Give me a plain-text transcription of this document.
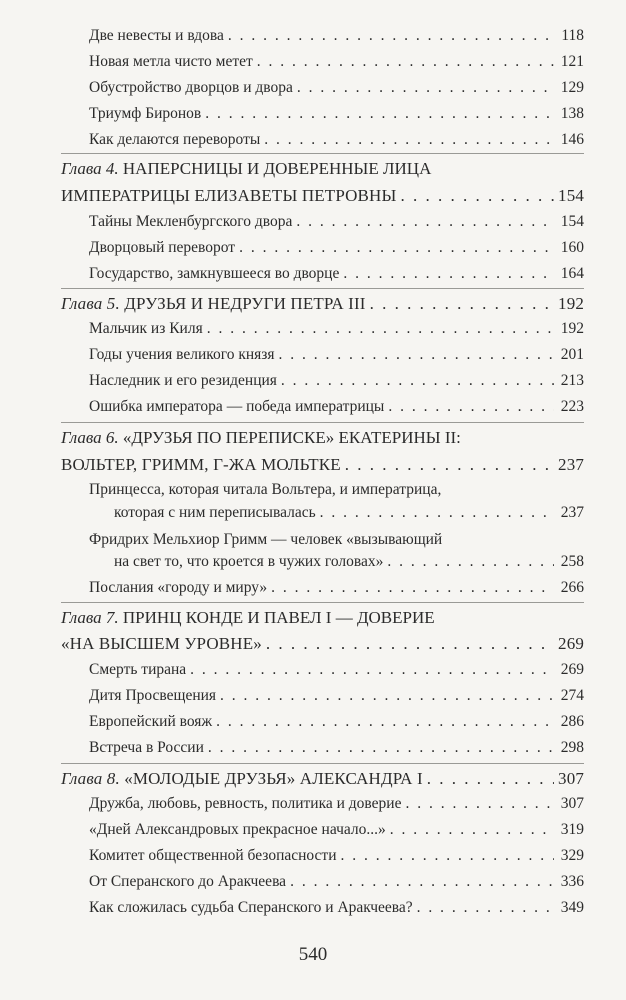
Две невесты и вдова . . .	118
Новая метла чисто метет . . .	121
Обустройство дворцов и двора . . .	129
Триумф Биронов . . .	138
Как делаются перевороты . . .	146
Глава 4. НАПЕРСНИЦЫ И ДОВЕРЕННЫЕ ЛИЦА
ИМПЕРАТРИЦЫ ЕЛИЗАВЕТЫ ПЕТРОВНЫ . . .	154
Тайны Мекленбургского двора . . .	154
Дворцовый переворот . . .	160
Государство, замкнувшееся во дворце . . .	164
Глава 5. ДРУЗЬЯ И НЕДРУГИ ПЕТРА III . . .	192
Мальчик из Киля . . .	192
Годы учения великого князя . . .	201
Наследник и его резиденция . . .	213
Ошибка императора — победа императрицы . . .	223
Глава 6. «ДРУЗЬЯ ПО ПЕРЕПИСКЕ» ЕКАТЕРИНЫ II:
ВОЛЬТЕР, ГРИММ, Г-ЖА МОЛЬТКЕ . . .	237
Принцесса, которая читала Вольтера, и императрица,
которая с ним переписывалась . . .	237
Фридрих Мельхиор Гримм — человек «вызывающий
на свет то, что кроется в чужих головах» . . .	258
Послания «городу и миру» . . .	266
Глава 7. ПРИНЦ КОНДЕ И ПАВЕЛ I — ДОВЕРИЕ
«НА ВЫСШЕМ УРОВНЕ» . . .	269
Смерть тирана . . .	269
Дитя Просвещения . . .	274
Европейский вояж . . .	286
Встреча в России . . .	298
Глава 8. «МОЛОДЫЕ ДРУЗЬЯ» АЛЕКСАНДРА I . . .	307
Дружба, любовь, ревность, политика и доверие . . .	307
«Дней Александровых прекрасное начало...» . . .	319
Комитет общественной безопасности . . .	329
От Сперанского до Аракчеева . . .	336
Как сложилась судьба Сперанского и Аракчеева? . . .	349
540
